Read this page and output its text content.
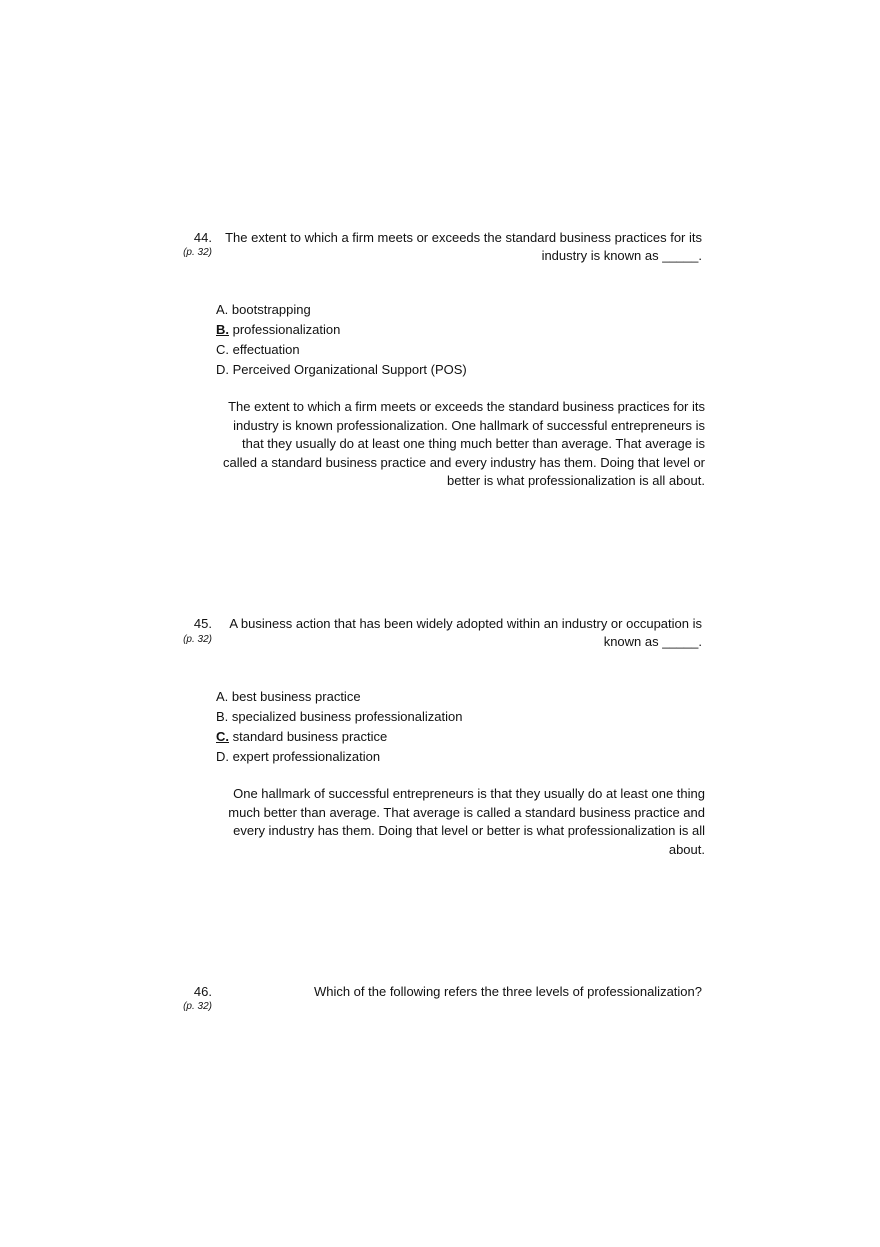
44.
(p. 32)
The extent to which a firm meets or exceeds the standard business practices for its industry is known as _____.
A. bootstrapping
B. professionalization
C. effectuation
D. Perceived Organizational Support (POS)
The extent to which a firm meets or exceeds the standard business practices for its industry is known professionalization. One hallmark of successful entrepreneurs is that they usually do at least one thing much better than average. That average is called a standard business practice and every industry has them. Doing that level or better is what professionalization is all about.
45.
(p. 32)
A business action that has been widely adopted within an industry or occupation is known as _____.
A. best business practice
B. specialized business professionalization
C. standard business practice
D. expert professionalization
One hallmark of successful entrepreneurs is that they usually do at least one thing much better than average. That average is called a standard business practice and every industry has them. Doing that level or better is what professionalization is all about.
46.
(p. 32)
Which of the following refers the three levels of professionalization?
